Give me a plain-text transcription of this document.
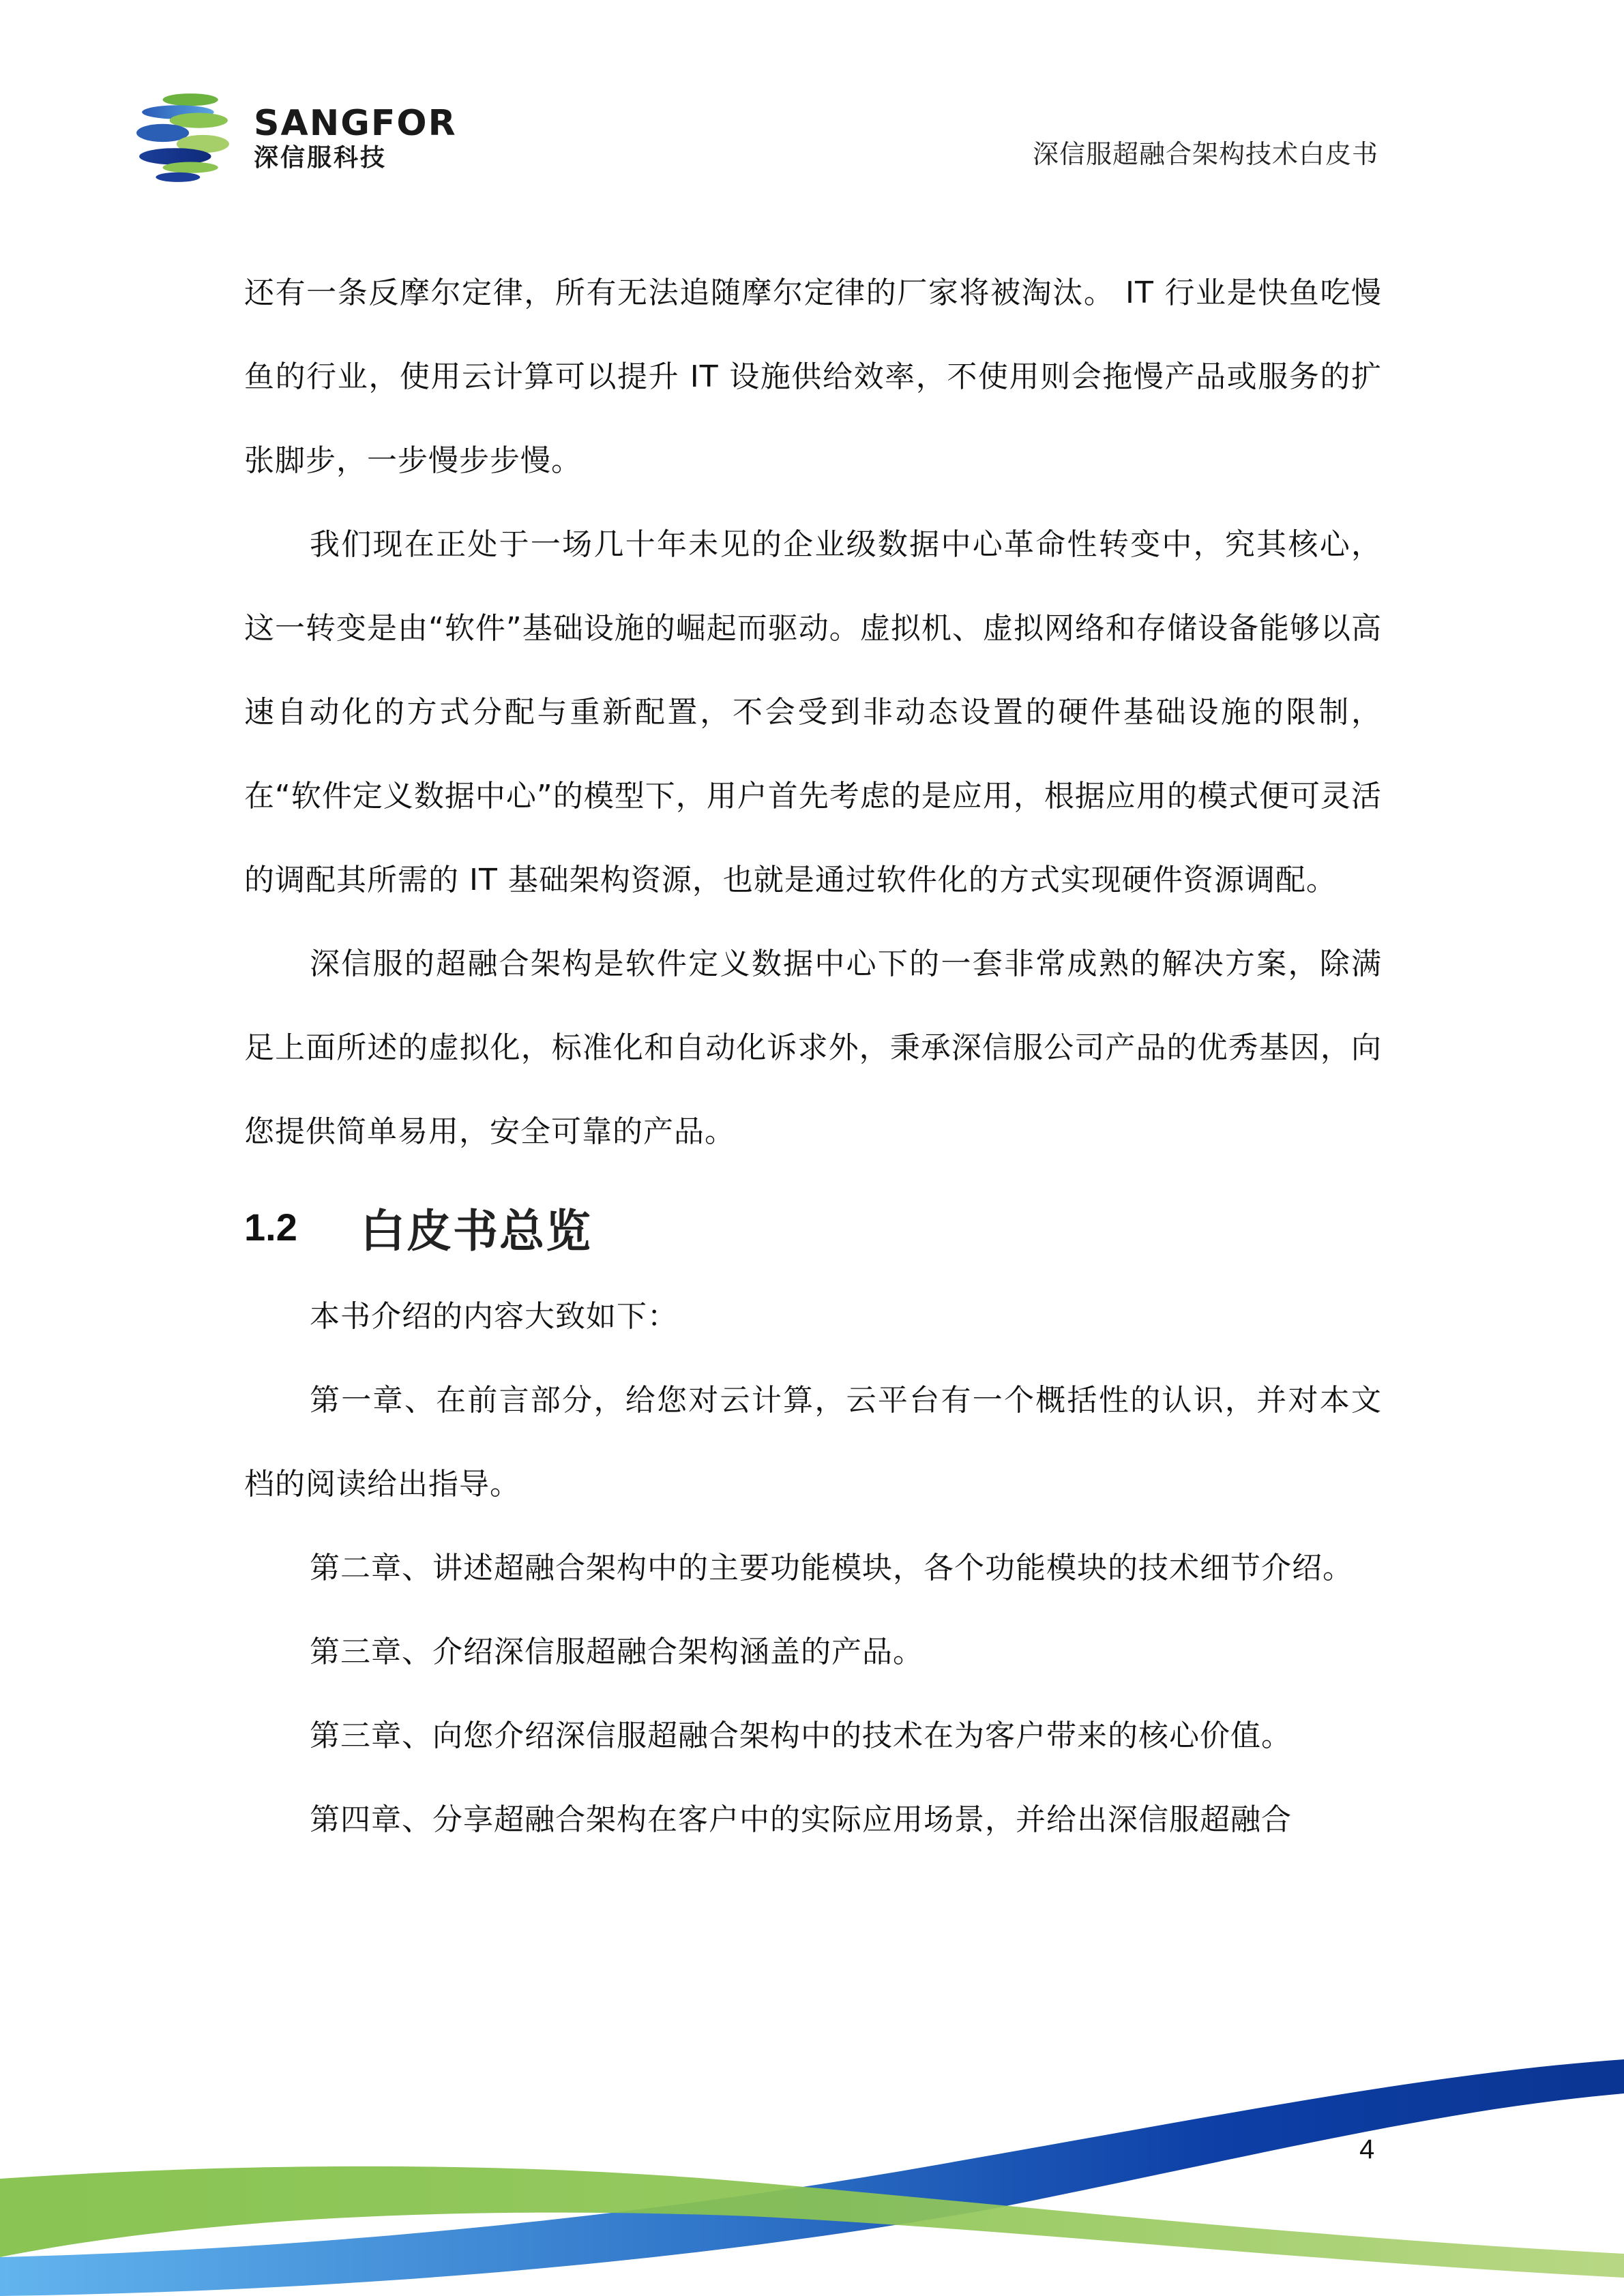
SANGFOR
深信服科技	深信服超融合架构技术白皮书

还有一条反摩尔定律，所有无法追随摩尔定律的厂家将被淘汰。 IT 行业是快鱼吃慢鱼的行业，使用云计算可以提升 IT 设施供给效率，不使用则会拖慢产品或服务的扩张脚步，一步慢步步慢。

我们现在正处于一场几十年未见的企业级数据中心革命性转变中，究其核心，这一转变是由“软件”基础设施的崛起而驱动。虚拟机、虚拟网络和存储设备能够以高速自动化的方式分配与重新配置，不会受到非动态设置的硬件基础设施的限制，在“软件定义数据中心”的模型下，用户首先考虑的是应用，根据应用的模式便可灵活的调配其所需的 IT 基础架构资源，也就是通过软件化的方式实现硬件资源调配。

深信服的超融合架构是软件定义数据中心下的一套非常成熟的解决方案，除满足上面所述的虚拟化，标准化和自动化诉求外，秉承深信服公司产品的优秀基因，向您提供简单易用，安全可靠的产品。

1.2	白皮书总览

本书介绍的内容大致如下：

第一章、在前言部分，给您对云计算，云平台有一个概括性的认识，并对本文档的阅读给出指导。

第二章、讲述超融合架构中的主要功能模块，各个功能模块的技术细节介绍。

第三章、介绍深信服超融合架构涵盖的产品。

第三章、向您介绍深信服超融合架构中的技术在为客户带来的核心价值。

第四章、分享超融合架构在客户中的实际应用场景，并给出深信服超融合

4
